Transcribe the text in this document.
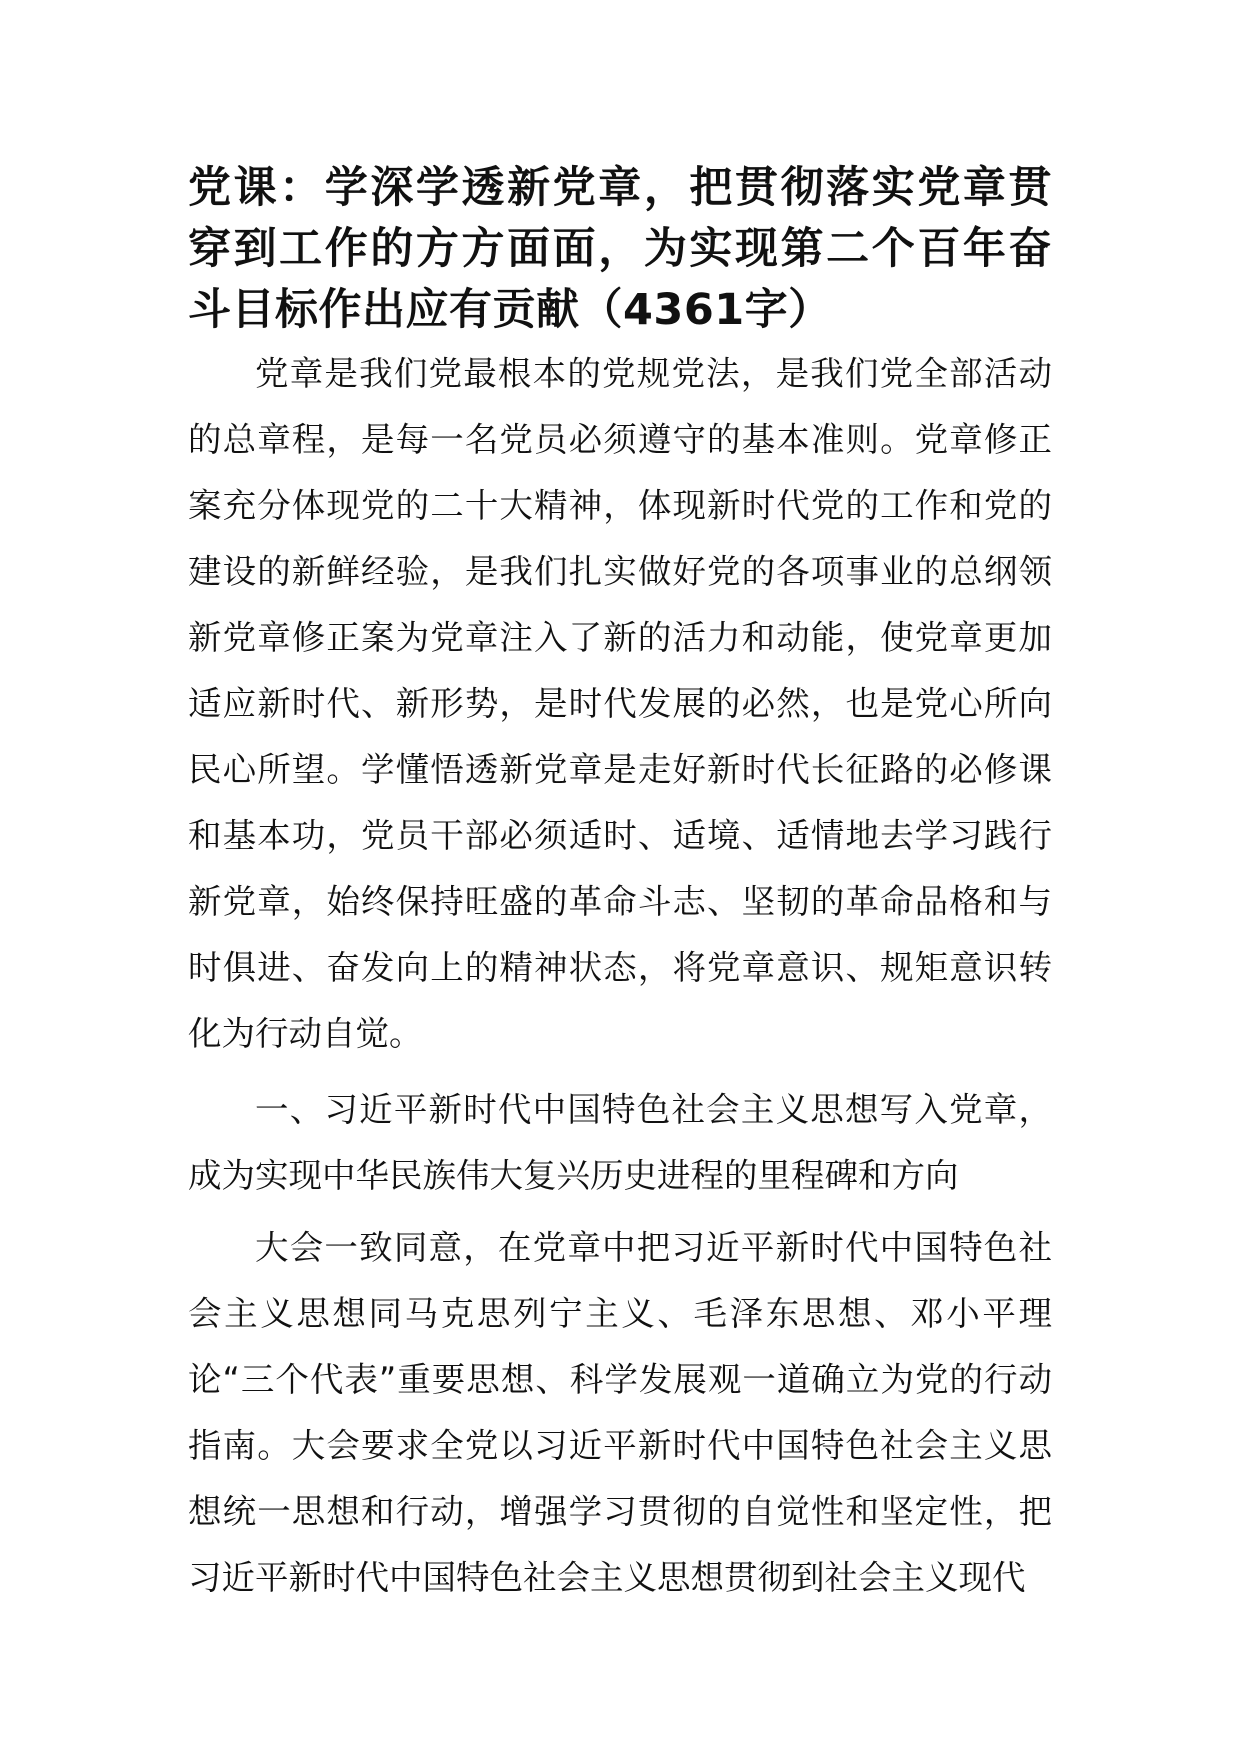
党课：学深学透新党章，把贯彻落实党章贯穿到工作的方方面面，为实现第二个百年奋斗目标作出应有贡献（4361字）

党章是我们党最根本的党规党法，是我们党全部活动的总章程，是每一名党员必须遵守的基本准则。党章修正案充分体现党的二十大精神，体现新时代党的工作和党的建设的新鲜经验，是我们扎实做好党的各项事业的总纲领新党章修正案为党章注入了新的活力和动能，使党章更加适应新时代、新形势，是时代发展的必然，也是党心所向民心所望。学懂悟透新党章是走好新时代长征路的必修课和基本功，党员干部必须适时、适境、适情地去学习践行新党章，始终保持旺盛的革命斗志、坚韧的革命品格和与时俱进、奋发向上的精神状态，将党章意识、规矩意识转化为行动自觉。

一、习近平新时代中国特色社会主义思想写入党章，成为实现中华民族伟大复兴历史进程的里程碑和方向

大会一致同意，在党章中把习近平新时代中国特色社会主义思想同马克思列宁主义、毛泽东思想、邓小平理论“三个代表”重要思想、科学发展观一道确立为党的行动指南。大会要求全党以习近平新时代中国特色社会主义思想统一思想和行动，增强学习贯彻的自觉性和坚定性，把习近平新时代中国特色社会主义思想贯彻到社会主义现代
